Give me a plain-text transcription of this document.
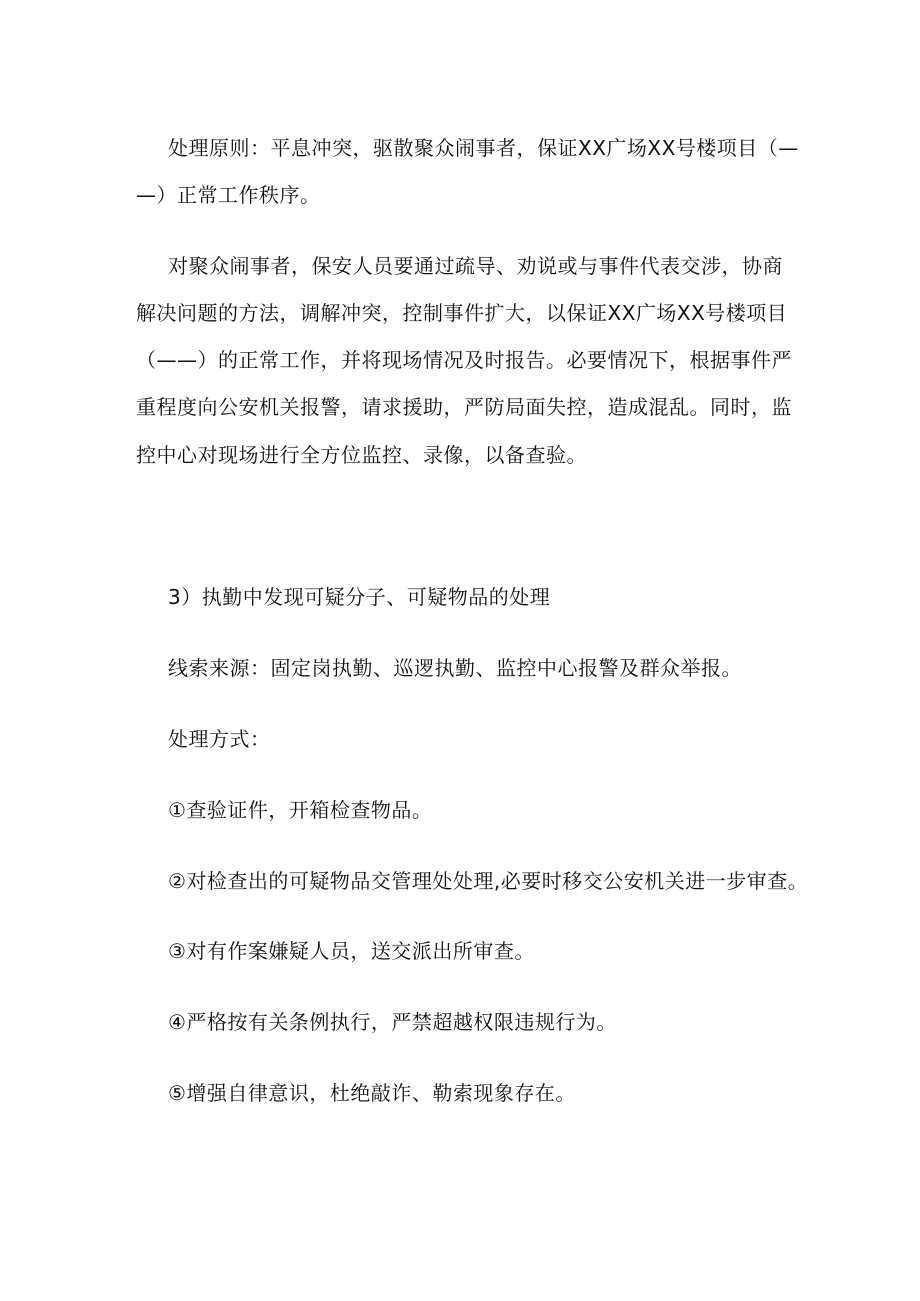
处理原则：平息冲突，驱散聚众闹事者，保证XX广场XX号楼项目（—
—）正常工作秩序。
对聚众闹事者，保安人员要通过疏导、劝说或与事件代表交涉，协商
解决问题的方法，调解冲突，控制事件扩大，以保证XX广场XX号楼项目
（——）的正常工作，并将现场情况及时报告。必要情况下，根据事件严
重程度向公安机关报警，请求援助，严防局面失控，造成混乱。同时，监
控中心对现场进行全方位监控、录像，以备查验。
3）执勤中发现可疑分子、可疑物品的处理
线索来源：固定岗执勤、巡逻执勤、监控中心报警及群众举报。
处理方式：
①查验证件，开箱检查物品。
②对检查出的可疑物品交管理处处理,必要时移交公安机关进一步审查。
③对有作案嫌疑人员，送交派出所审查。
④严格按有关条例执行，严禁超越权限违规行为。
⑤增强自律意识，杜绝敲诈、勒索现象存在。
